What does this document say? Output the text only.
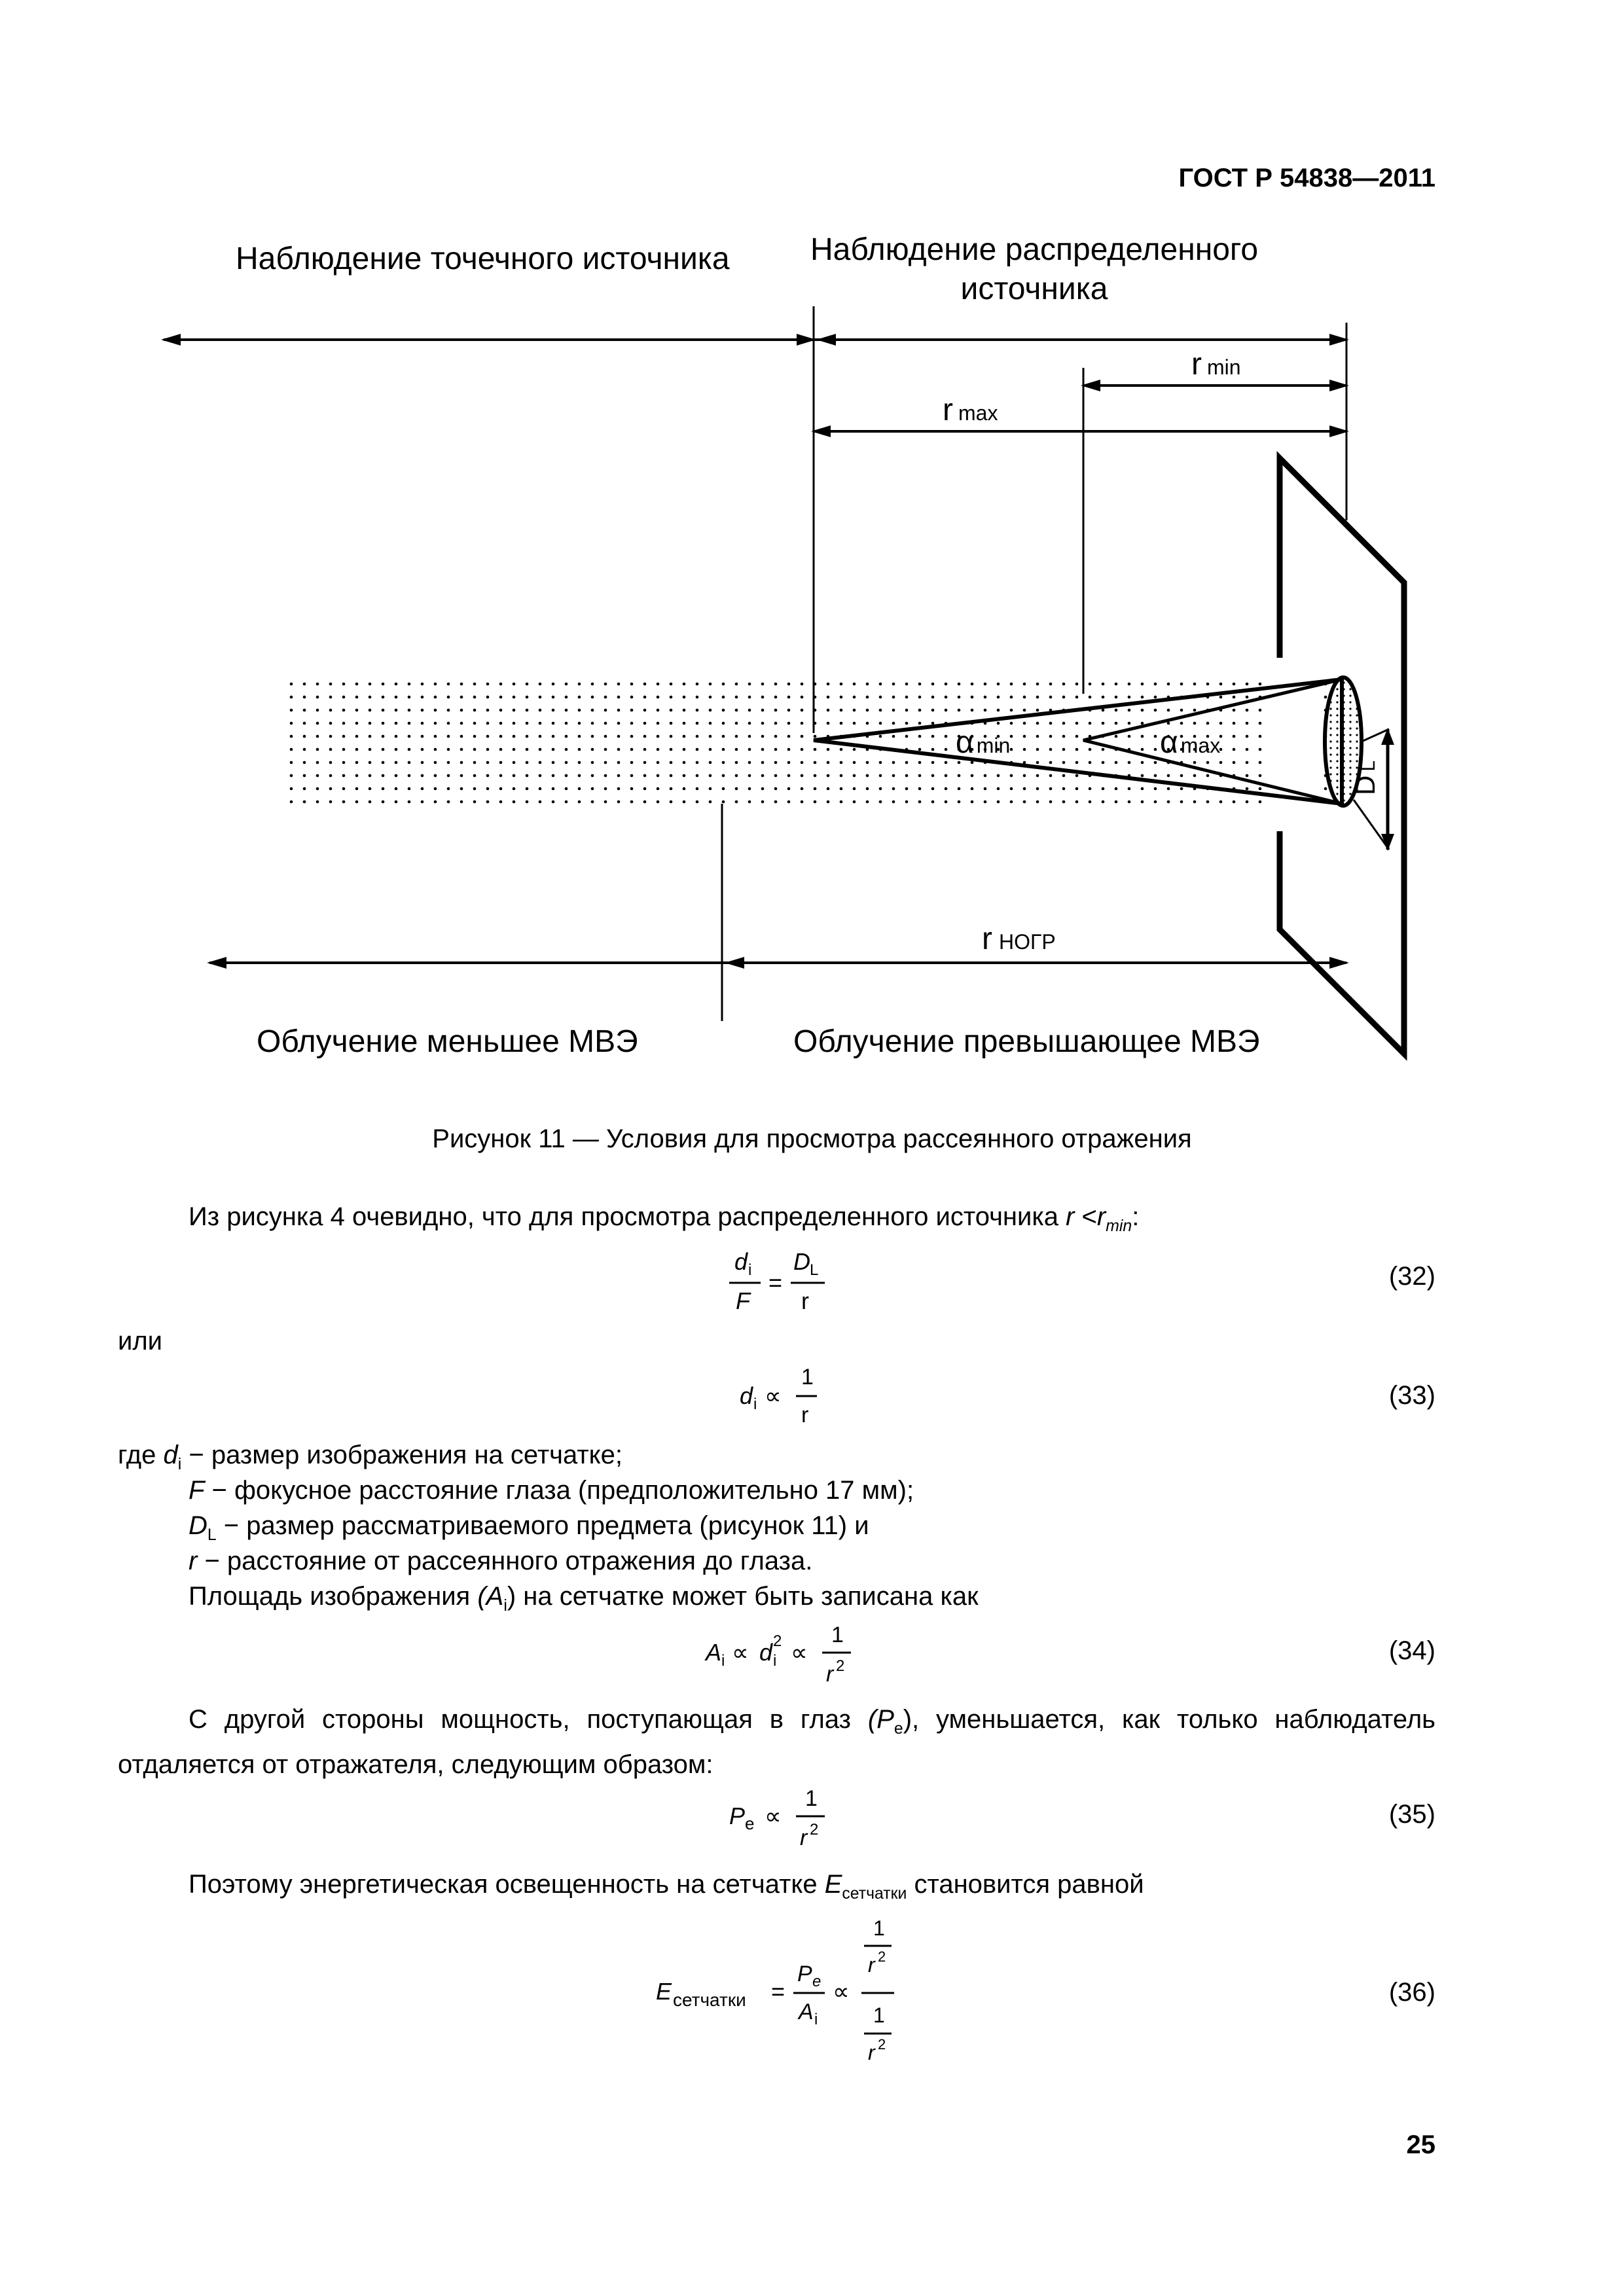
ГОСТ Р 54838—2011
Наблюдение точечного источника	Наблюдение распределенного
источника
Облучение меньшее МВЭ	Облучение превышающее МВЭ
DL
rmin
rmax
αmin	αmax
rНОГР
Рисунок 11 — Условия для просмотра рассеянного отражения
Из рисунка 4 очевидно, что для просмотра распределенного источника $r <r_{min}$:
d i
F
=
D L
r
(32)
или
d i ∝
1
r
(33)
где $d_i$ − размер изображения на сетчатке;
F − фокусное расстояние глаза (предположительно 17 мм);
$D_L$ − размер рассматриваемого предмета (рисунок 11) и
r − расстояние от рассеянного отражения до глаза.
Площадь изображения $(A_i)$ на сетчатке может быть записана как
A i ∝ d i
2 ∝
1
r 2
(34)
С другой стороны мощность, поступающая в глаз $(P_e)$, уменьшается, как только наблюдатель отдаляется от отражателя, следующим образом:
P e ∝
1
r 2
(35)
Поэтому энергетическая освещенность на сетчатке $E_{сетчатки}$ становится равной
E сетчатки =
P e
A i
∝
1
r 2
1
r 2
(36)
25
